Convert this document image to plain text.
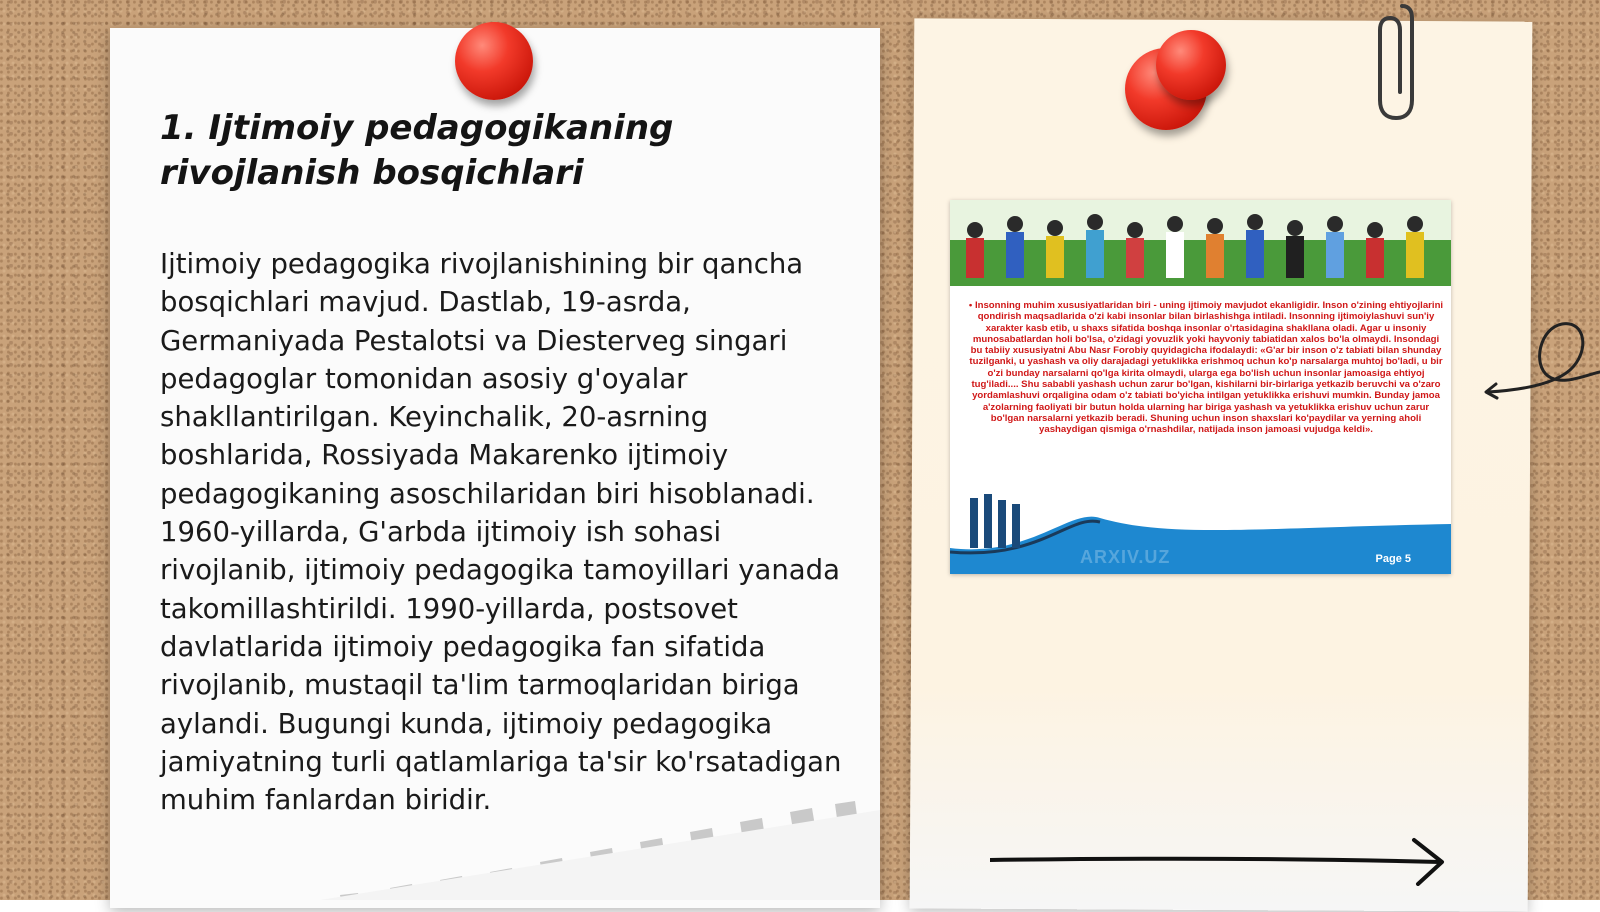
1. Ijtimoiy pedagogikaning rivojlanish bosqichlari

Ijtimoiy pedagogika rivojlanishining bir qancha bosqichlari mavjud. Dastlab, 19-asrda, Germaniyada Pestalotsi va Diesterveg singari pedagoglar tomonidan asosiy g'oyalar shakllantirilgan. Keyinchalik, 20-asrning boshlarida, Rossiyada Makarenko ijtimoiy pedagogikaning asoschilaridan biri hisoblanadi. 1960-yillarda, G'arbda ijtimoiy ish sohasi rivojlanib, ijtimoiy pedagogika tamoyillari yanada takomillashtirildi. 1990-yillarda, postsovet davlatlarida ijtimoiy pedagogika fan sifatida rivojlanib, mustaqil ta'lim tarmoqlaridan biriga aylandi. Bugungi kunda, ijtimoiy pedagogika jamiyatning turli qatlamlariga ta'sir ko'rsatadigan muhim fanlardan biridir.

• Insonning muhim xususiyatlaridan biri - uning ijtimoiy mavjudot ekanligidir. Inson o'zining ehtiyojlarini qondirish maqsadlarida o'zi kabi insonlar bilan birlashishga intiladi. Insonning ijtimoiylashuvi sun'iy xarakter kasb etib, u shaxs sifatida boshqa insonlar o'rtasidagina shakllana oladi. Agar u insoniy munosabatlardan holi bo'lsa, o'zidagi yovuzlik yoki hayvoniy tabiatidan xalos bo'la olmaydi. Insondagi bu tabiiy xususiyatni Abu Nasr Forobiy quyidagicha ifodalaydi: «G'ar bir inson o'z tabiati bilan shunday tuzilganki, u yashash va oliy darajadagi yetuklikka erishmoq uchun ko'p narsalarga muhtoj bo'ladi, u bir o'zi bunday narsalarni qo'lga kirita olmaydi, ularga ega bo'lish uchun insonlar jamoasiga ehtiyoj tug'iladi.... Shu sababli yashash uchun zarur bo'lgan, kishilarni bir-birlariga yetkazib beruvchi va o'zaro yordamlashuvi orqaligina odam o'z tabiati bo'yicha intilgan yetuklikka erishuvi mumkin. Bunday jamoa a'zolarning faoliyati bir butun holda ularning har biriga yashash va yetuklikka erishuv uchun zarur bo'lgan narsalarni yetkazib beradi. Shuning uchun inson shaxslari ko'paydilar va yerning aholi yashaydigan qismiga o'rnashdilar, natijada inson jamoasi vujudga keldi».

ARXIV.UZ	Page 5
